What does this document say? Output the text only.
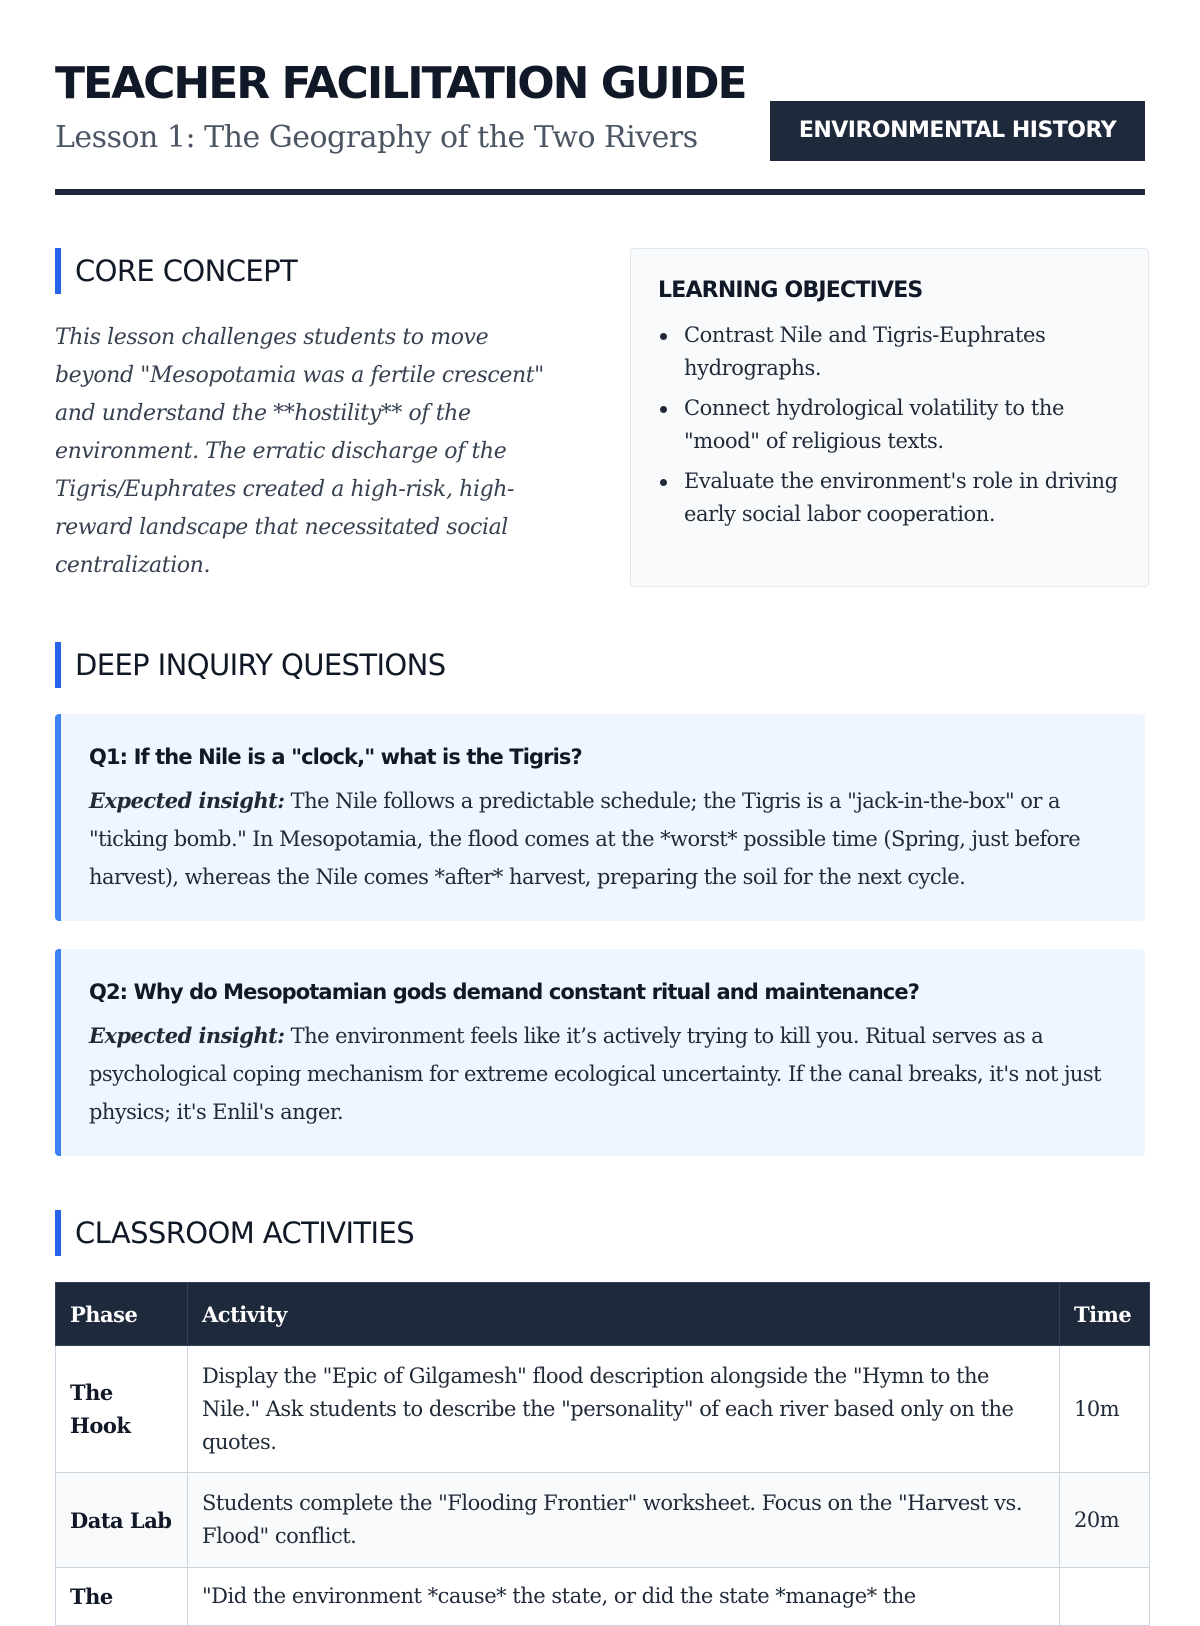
TEACHER FACILITATION GUIDE
Lesson 1: The Geography of the Two Rivers	ENVIRONMENTAL HISTORY
CORE CONCEPT

This lesson challenges students to move beyond "Mesopotamia was a fertile crescent" and understand the **hostility** of the environment. The erratic discharge of the Tigris/Euphrates created a high-risk, high-reward landscape that necessitated social centralization.

LEARNING OBJECTIVES
Contrast Nile and Tigris-Euphrates hydrographs.
Connect hydrological volatility to the "mood" of religious texts.
Evaluate the environment's role in driving early social labor cooperation.
DEEP INQUIRY QUESTIONS

Q1: If the Nile is a "clock," what is the Tigris?

Expected insight: The Nile follows a predictable schedule; the Tigris is a "jack-in-the-box" or a "ticking bomb." In Mesopotamia, the flood comes at the *worst* possible time (Spring, just before harvest), whereas the Nile comes *after* harvest, preparing the soil for the next cycle.

Q2: Why do Mesopotamian gods demand constant ritual and maintenance?

Expected insight: The environment feels like it’s actively trying to kill you. Ritual serves as a psychological coping mechanism for extreme ecological uncertainty. If the canal breaks, it's not just physics; it's Enlil's anger.

CLASSROOM ACTIVITIES
Phase	Activity	Time
The Hook	Display the "Epic of Gilgamesh" flood description alongside the "Hymn to the Nile." Ask students to describe the "personality" of each river based only on the quotes.	10m
Data Lab	Students complete the "Flooding Frontier" worksheet. Focus on the "Harvest vs. Flood" conflict.	20m
The	"Did the environment *cause* the state, or did the state *manage* the	
